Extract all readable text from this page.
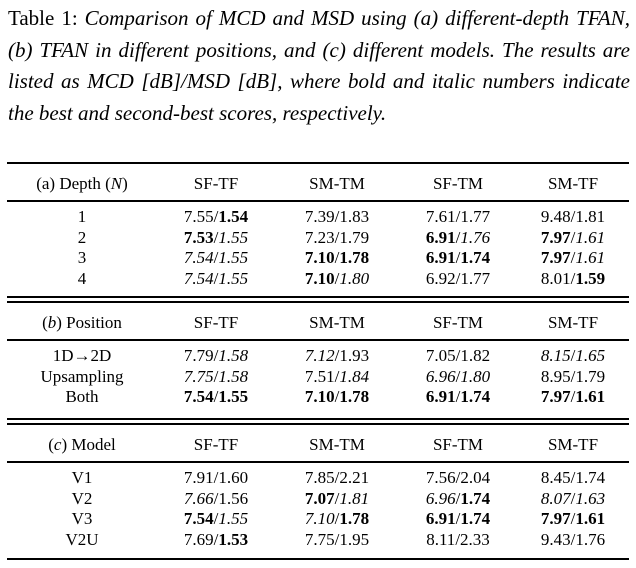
Table 1: Comparison of MCD and MSD using (a) different-depth TFAN, (b) TFAN in different positions, and (c) different models. The results are listed as MCD [dB]/MSD [dB], where bold and italic numbers indicate the best and second-best scores, respectively.
(a) Depth (N)	SF-TF	SM-TM	SF-TM	SM-TF
1	7.55/1.54	7.39/1.83	7.61/1.77	9.48/1.81
2	7.53/1.55	7.23/1.79	6.91/1.76	7.97/1.61
3	7.54/1.55	7.10/1.78	6.91/1.74	7.97/1.61
4	7.54/1.55	7.10/1.80	6.92/1.77	8.01/1.59
(b) Position	SF-TF	SM-TM	SF-TM	SM-TF
1D→2D	7.79/1.58	7.12/1.93	7.05/1.82	8.15/1.65
Upsampling	7.75/1.58	7.51/1.84	6.96/1.80	8.95/1.79
Both	7.54/1.55	7.10/1.78	6.91/1.74	7.97/1.61
(c) Model	SF-TF	SM-TM	SF-TM	SM-TF
V1	7.91/1.60	7.85/2.21	7.56/2.04	8.45/1.74
V2	7.66/1.56	7.07/1.81	6.96/1.74	8.07/1.63
V3	7.54/1.55	7.10/1.78	6.91/1.74	7.97/1.61
V2U	7.69/1.53	7.75/1.95	8.11/2.33	9.43/1.76
